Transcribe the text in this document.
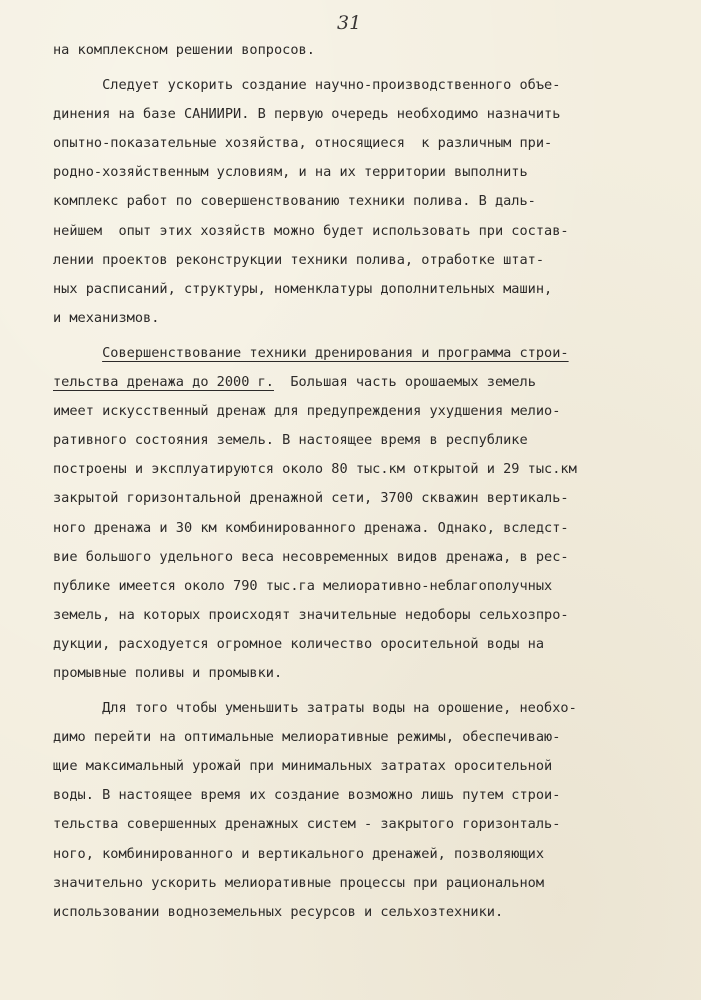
31
на комплексном решении вопросов.
Следует ускорить создание научно-производственного объе-
динения на базе САНИИРИ. В первую очередь необходимо назначить
опытно-показательные хозяйства, относящиеся  к различным при-
родно-хозяйственным условиям, и на их территории выполнить
комплекс работ по совершенствованию техники полива. В даль-
нейшем  опыт этих хозяйств можно будет использовать при состав-
лении проектов реконструкции техники полива, отработке штат-
ных расписаний, структуры, номенклатуры дополнительных машин,
и механизмов.
Совершенствование техники дренирования и программа строи-
тельства дренажа до 2000 г.  Большая часть орошаемых земель
имеет искусственный дренаж для предупреждения ухудшения мелио-
ративного состояния земель. В настоящее время в республике
построены и эксплуатируются около 80 тыс.км открытой и 29 тыс.км
закрытой горизонтальной дренажной сети, 3700 скважин вертикаль-
ного дренажа и 30 км комбинированного дренажа. Однако, вследст-
вие большого удельного веса несовременных видов дренажа, в рес-
публике имеется около 790 тыс.га мелиоративно-неблагополучных
земель, на которых происходят значительные недоборы сельхозпро-
дукции, расходуется огромное количество оросительной воды на
промывные поливы и промывки.
Для того чтобы уменьшить затраты воды на орошение, необхо-
димо перейти на оптимальные мелиоративные режимы, обеспечиваю-
щие максимальный урожай при минимальных затратах оросительной
воды. В настоящее время их создание возможно лишь путем строи-
тельства совершенных дренажных систем - закрытого горизонталь-
ного, комбинированного и вертикального дренажей, позволяющих
значительно ускорить мелиоративные процессы при рациональном
использовании водноземельных ресурсов и сельхозтехники.
